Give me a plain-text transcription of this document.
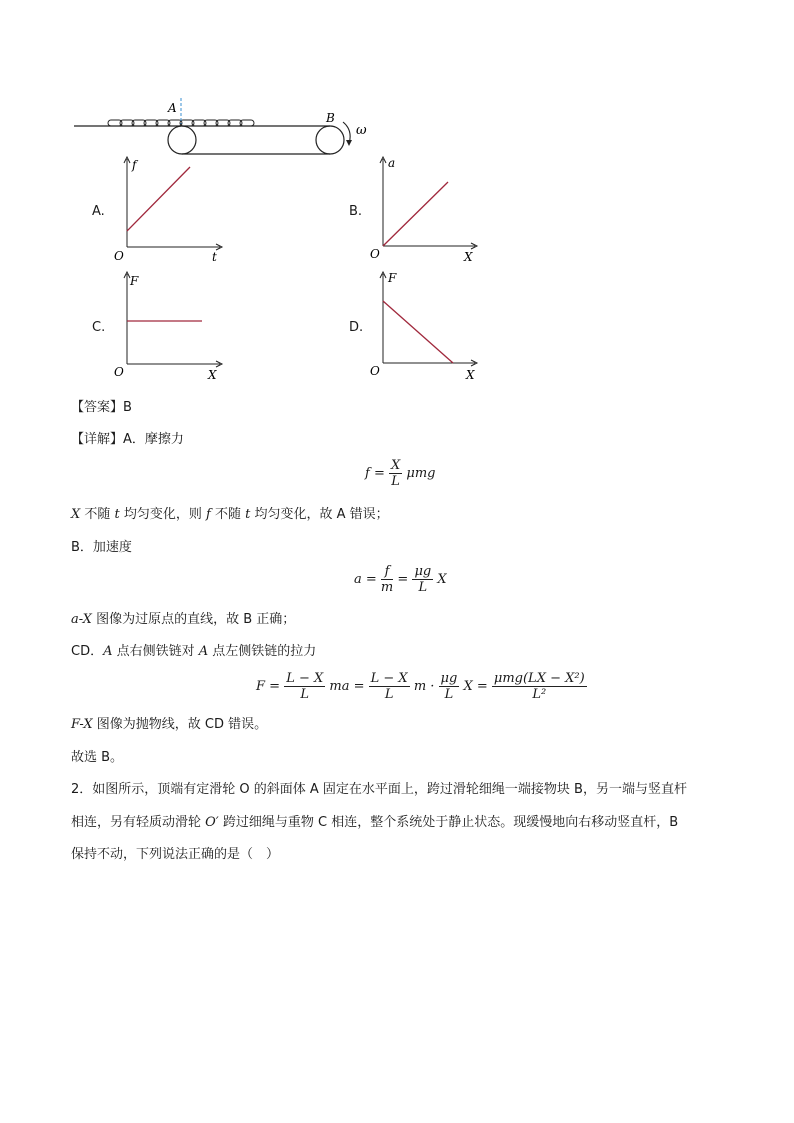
A
B
ω
A.
f
t
O
B.
a
X
O
C.
F
X
O
D.
F
X
O
【答案】B
【详解】A．摩擦力
$f = \frac{X}{L}$ μmg
X 不随 t 均匀变化，则 f 不随 t 均匀变化，故 A 错误；
B．加速度
$a = \frac{f}{m} = \frac{\mu g}{L}$ X
a-X 图像为过原点的直线，故 B 正确；
CD．A 点右侧铁链对 A 点左侧铁链的拉力
$F = \frac{L - X}{L}$ ma = $\frac{L - X}{L}$ $m \cdot \frac{\mu g}{L}$ $X = \frac{\text{μmg(LX − X²)}}{\text{L²}}$
F-X 图像为抛物线，故 CD 错误。
故选 B。
2．如图所示，顶端有定滑轮 O 的斜面体 A 固定在水平面上，跨过滑轮细绳一端接物块 B，另一端与竖直杆
相连，另有轻质动滑轮 O′ 跨过细绳与重物 C 相连，整个系统处于静止状态。现缓慢地向右移动竖直杆，B
保持不动，下列说法正确的是（　）
